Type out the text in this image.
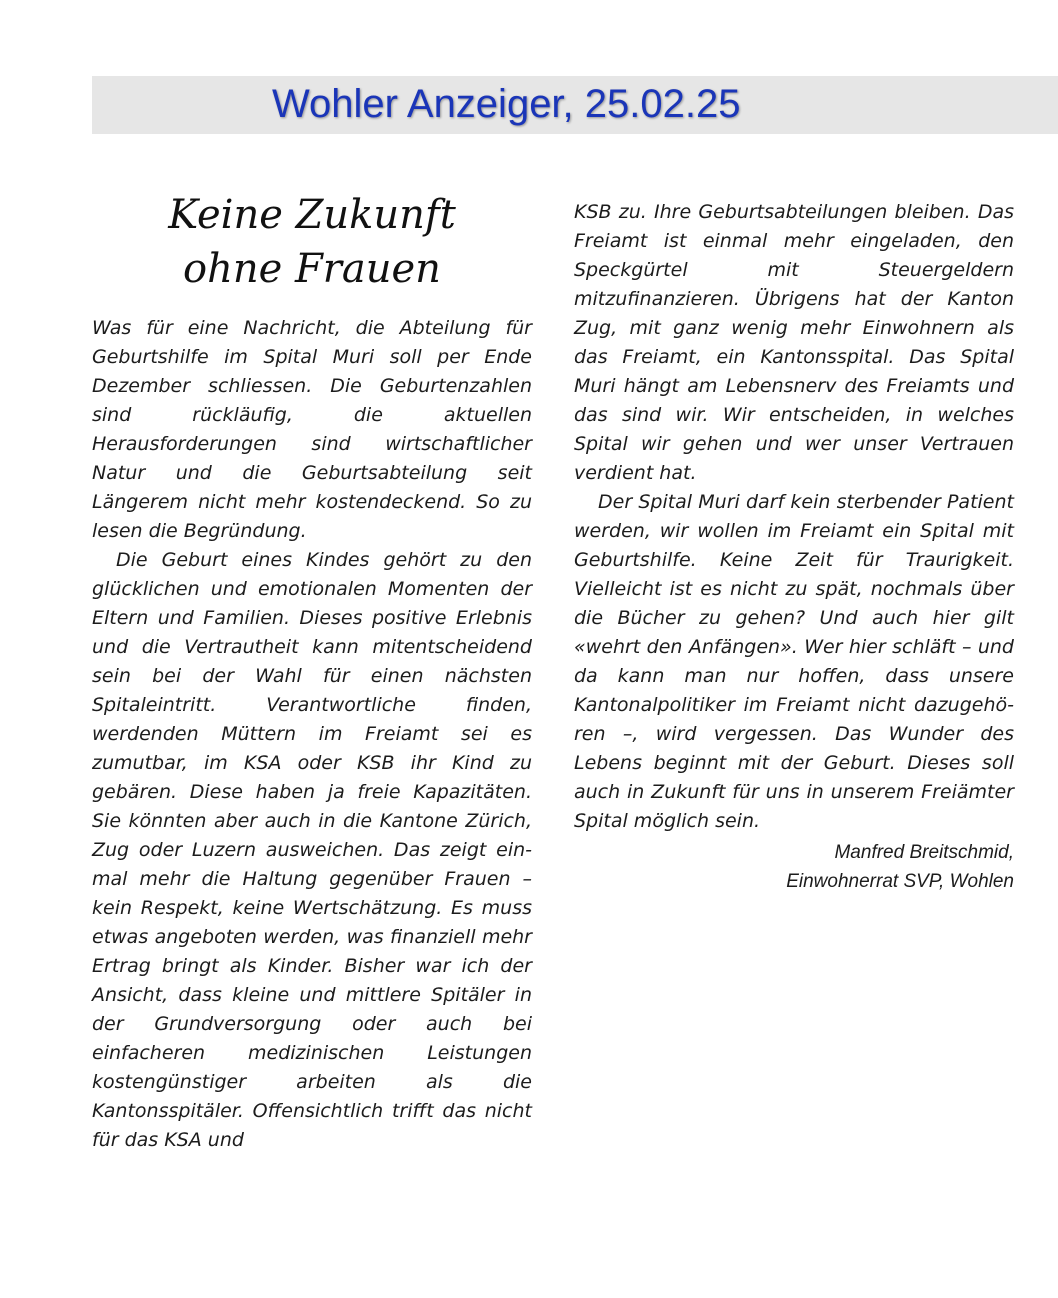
Wohler Anzeiger, 25.02.25
Keine Zukunft
ohne Frauen

Was für eine Nachricht, die Abteilung für Geburtshilfe im Spital Muri soll per Ende Dezember schliessen. Die Geburtenzahlen sind rückläufig, die aktuellen Herausforderungen sind wirtschaftlicher Natur und die Geburtsabteilung seit Längerem nicht mehr kostendeckend. So zu lesen die Begründung.

Die Geburt eines Kindes gehört zu den glücklichen und emotionalen Momenten der Eltern und Familien. Dieses positive Erlebnis und die Vertrautheit kann mitentscheidend sein bei der Wahl für einen nächsten Spitaleintritt. Verantwortliche finden, werdenden Müttern im Freiamt sei es zumutbar, im KSA oder KSB ihr Kind zu gebären. Diese haben ja freie Kapazitäten. Sie könnten aber auch in die Kantone Zürich, Zug oder Luzern ausweichen. Das zeigt einmal mehr die Haltung gegenüber Frauen – kein Respekt, keine Wertschätzung. Es muss etwas angeboten werden, was finanziell mehr Ertrag bringt als Kinder. Bisher war ich der Ansicht, dass kleine und mittlere Spitäler in der Grundversorgung oder auch bei einfacheren medizinischen Leistungen kostengünstiger arbeiten als die Kantonsspitäler. Offensichtlich trifft das nicht für das KSA und

KSB zu. Ihre Geburtsabteilungen bleiben. Das Freiamt ist einmal mehr eingeladen, den Speckgürtel mit Steuergeldern mitzufinanzieren. Übrigens hat der Kanton Zug, mit ganz wenig mehr Einwohnern als das Freiamt, ein Kantonsspital. Das Spital Muri hängt am Lebensnerv des Freiamts und das sind wir. Wir entscheiden, in welches Spital wir gehen und wer unser Vertrauen verdient hat.

Der Spital Muri darf kein sterbender Patient werden, wir wollen im Freiamt ein Spital mit Geburtshilfe. Keine Zeit für Traurigkeit. Vielleicht ist es nicht zu spät, nochmals über die Bücher zu gehen? Und auch hier gilt «wehrt den Anfängen». Wer hier schläft – und da kann man nur hoffen, dass unsere Kantonalpolitiker im Freiamt nicht dazugehören –, wird vergessen. Das Wunder des Lebens beginnt mit der Geburt. Dieses soll auch in Zukunft für uns in unserem Freiämter Spital möglich sein.

Manfred Breitschmid,
Einwohnerrat SVP, Wohlen
